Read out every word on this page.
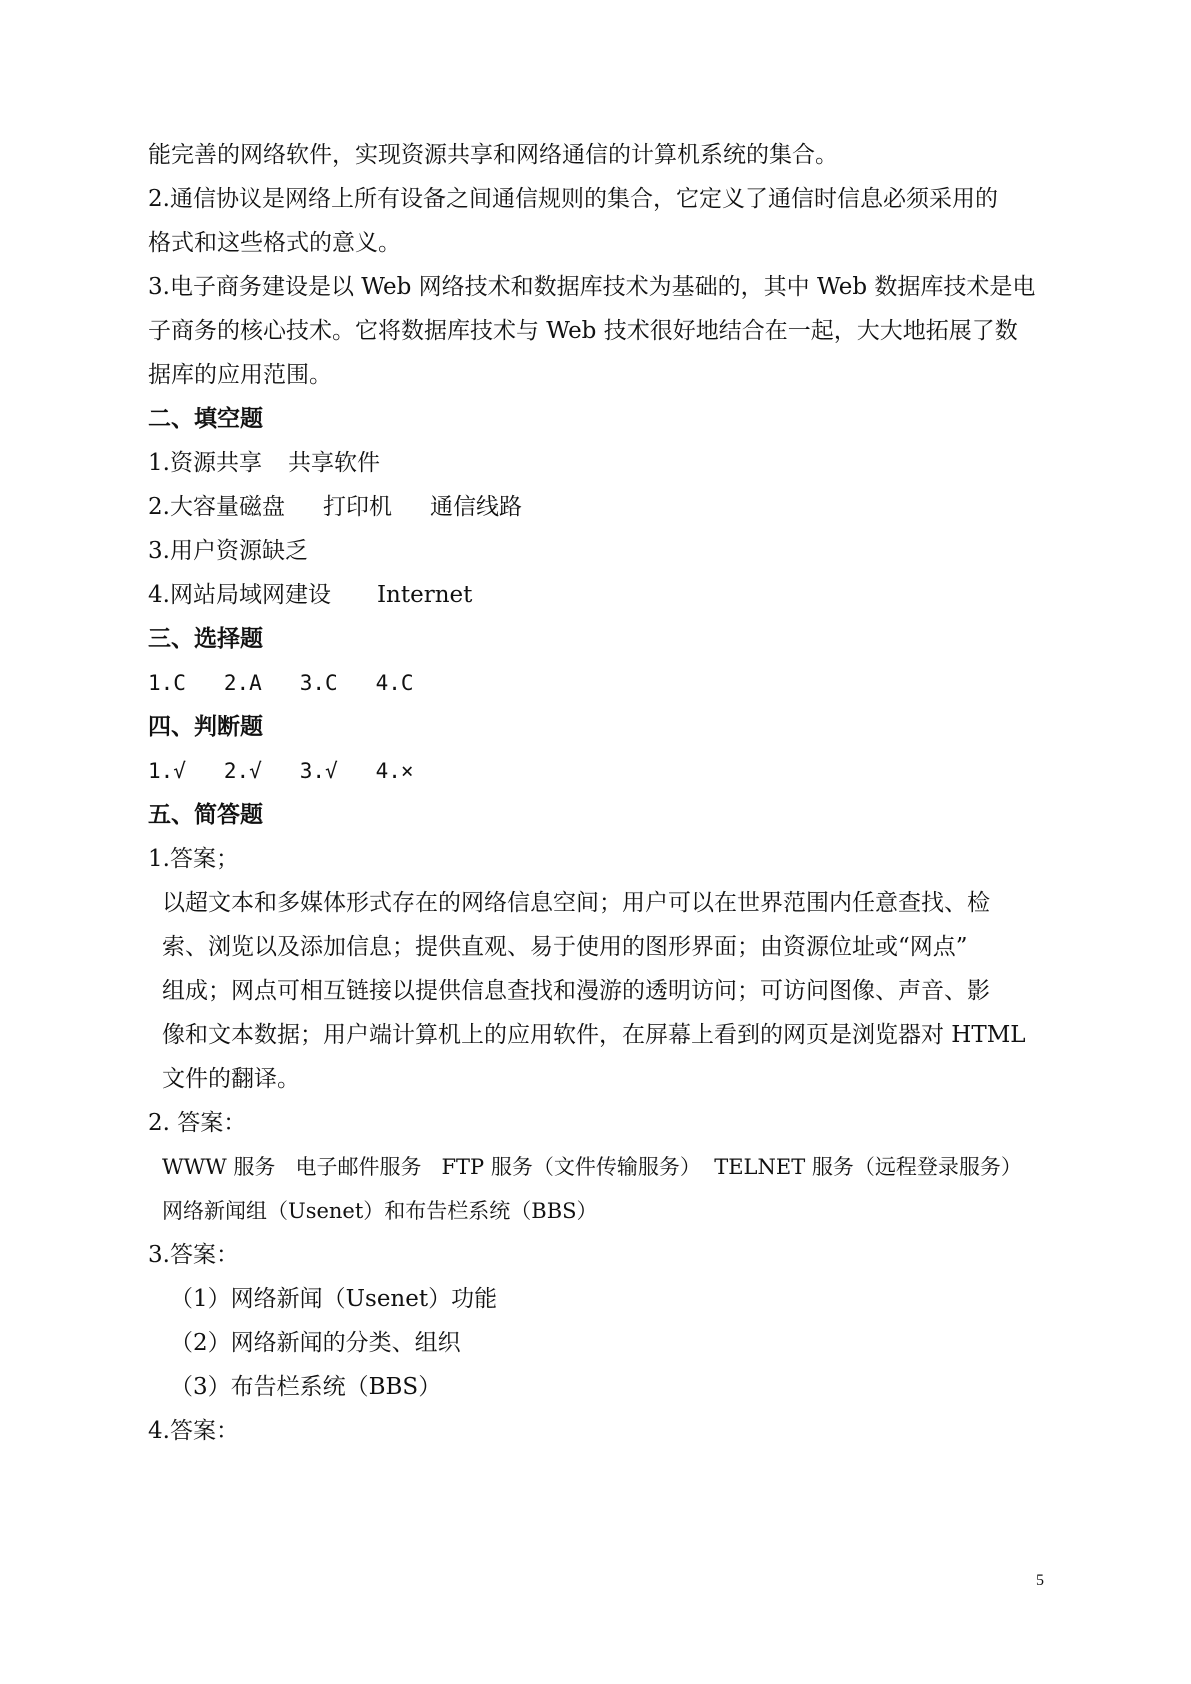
能完善的网络软件，实现资源共享和网络通信的计算机系统的集合。
2.通信协议是网络上所有设备之间通信规则的集合，它定义了通信时信息必须采用的
格式和这些格式的意义。
3.电子商务建设是以 Web 网络技术和数据库技术为基础的，其中 Web 数据库技术是电
子商务的核心技术。它将数据库技术与 Web 技术很好地结合在一起，大大地拓展了数
据库的应用范围。
二、填空题
1.资源共享 共享软件
2.大容量磁盘 打印机 通信线路
3.用户资源缺乏
4.网站局域网建设 Internet
三、选择题
1.C   2.A   3.C   4.C
四、判断题
1.√   2.√   3.√   4.×
五、简答题
1.答案；
以超文本和多媒体形式存在的网络信息空间；用户可以在世界范围内任意查找、检
索、浏览以及添加信息；提供直观、易于使用的图形界面；由资源位址或“网点”
组成；网点可相互链接以提供信息查找和漫游的透明访问；可访问图像、声音、影
像和文本数据；用户端计算机上的应用软件，在屏幕上看到的网页是浏览器对 HTML
文件的翻译。
2. 答案：
WWW 服务   电子邮件服务   FTP 服务（文件传输服务）  TELNET 服务（远程登录服务）
网络新闻组（Usenet）和布告栏系统（BBS）
3.答案：
（1）网络新闻（Usenet）功能
（2）网络新闻的分类、组织
（3）布告栏系统（BBS）
4.答案：
5
